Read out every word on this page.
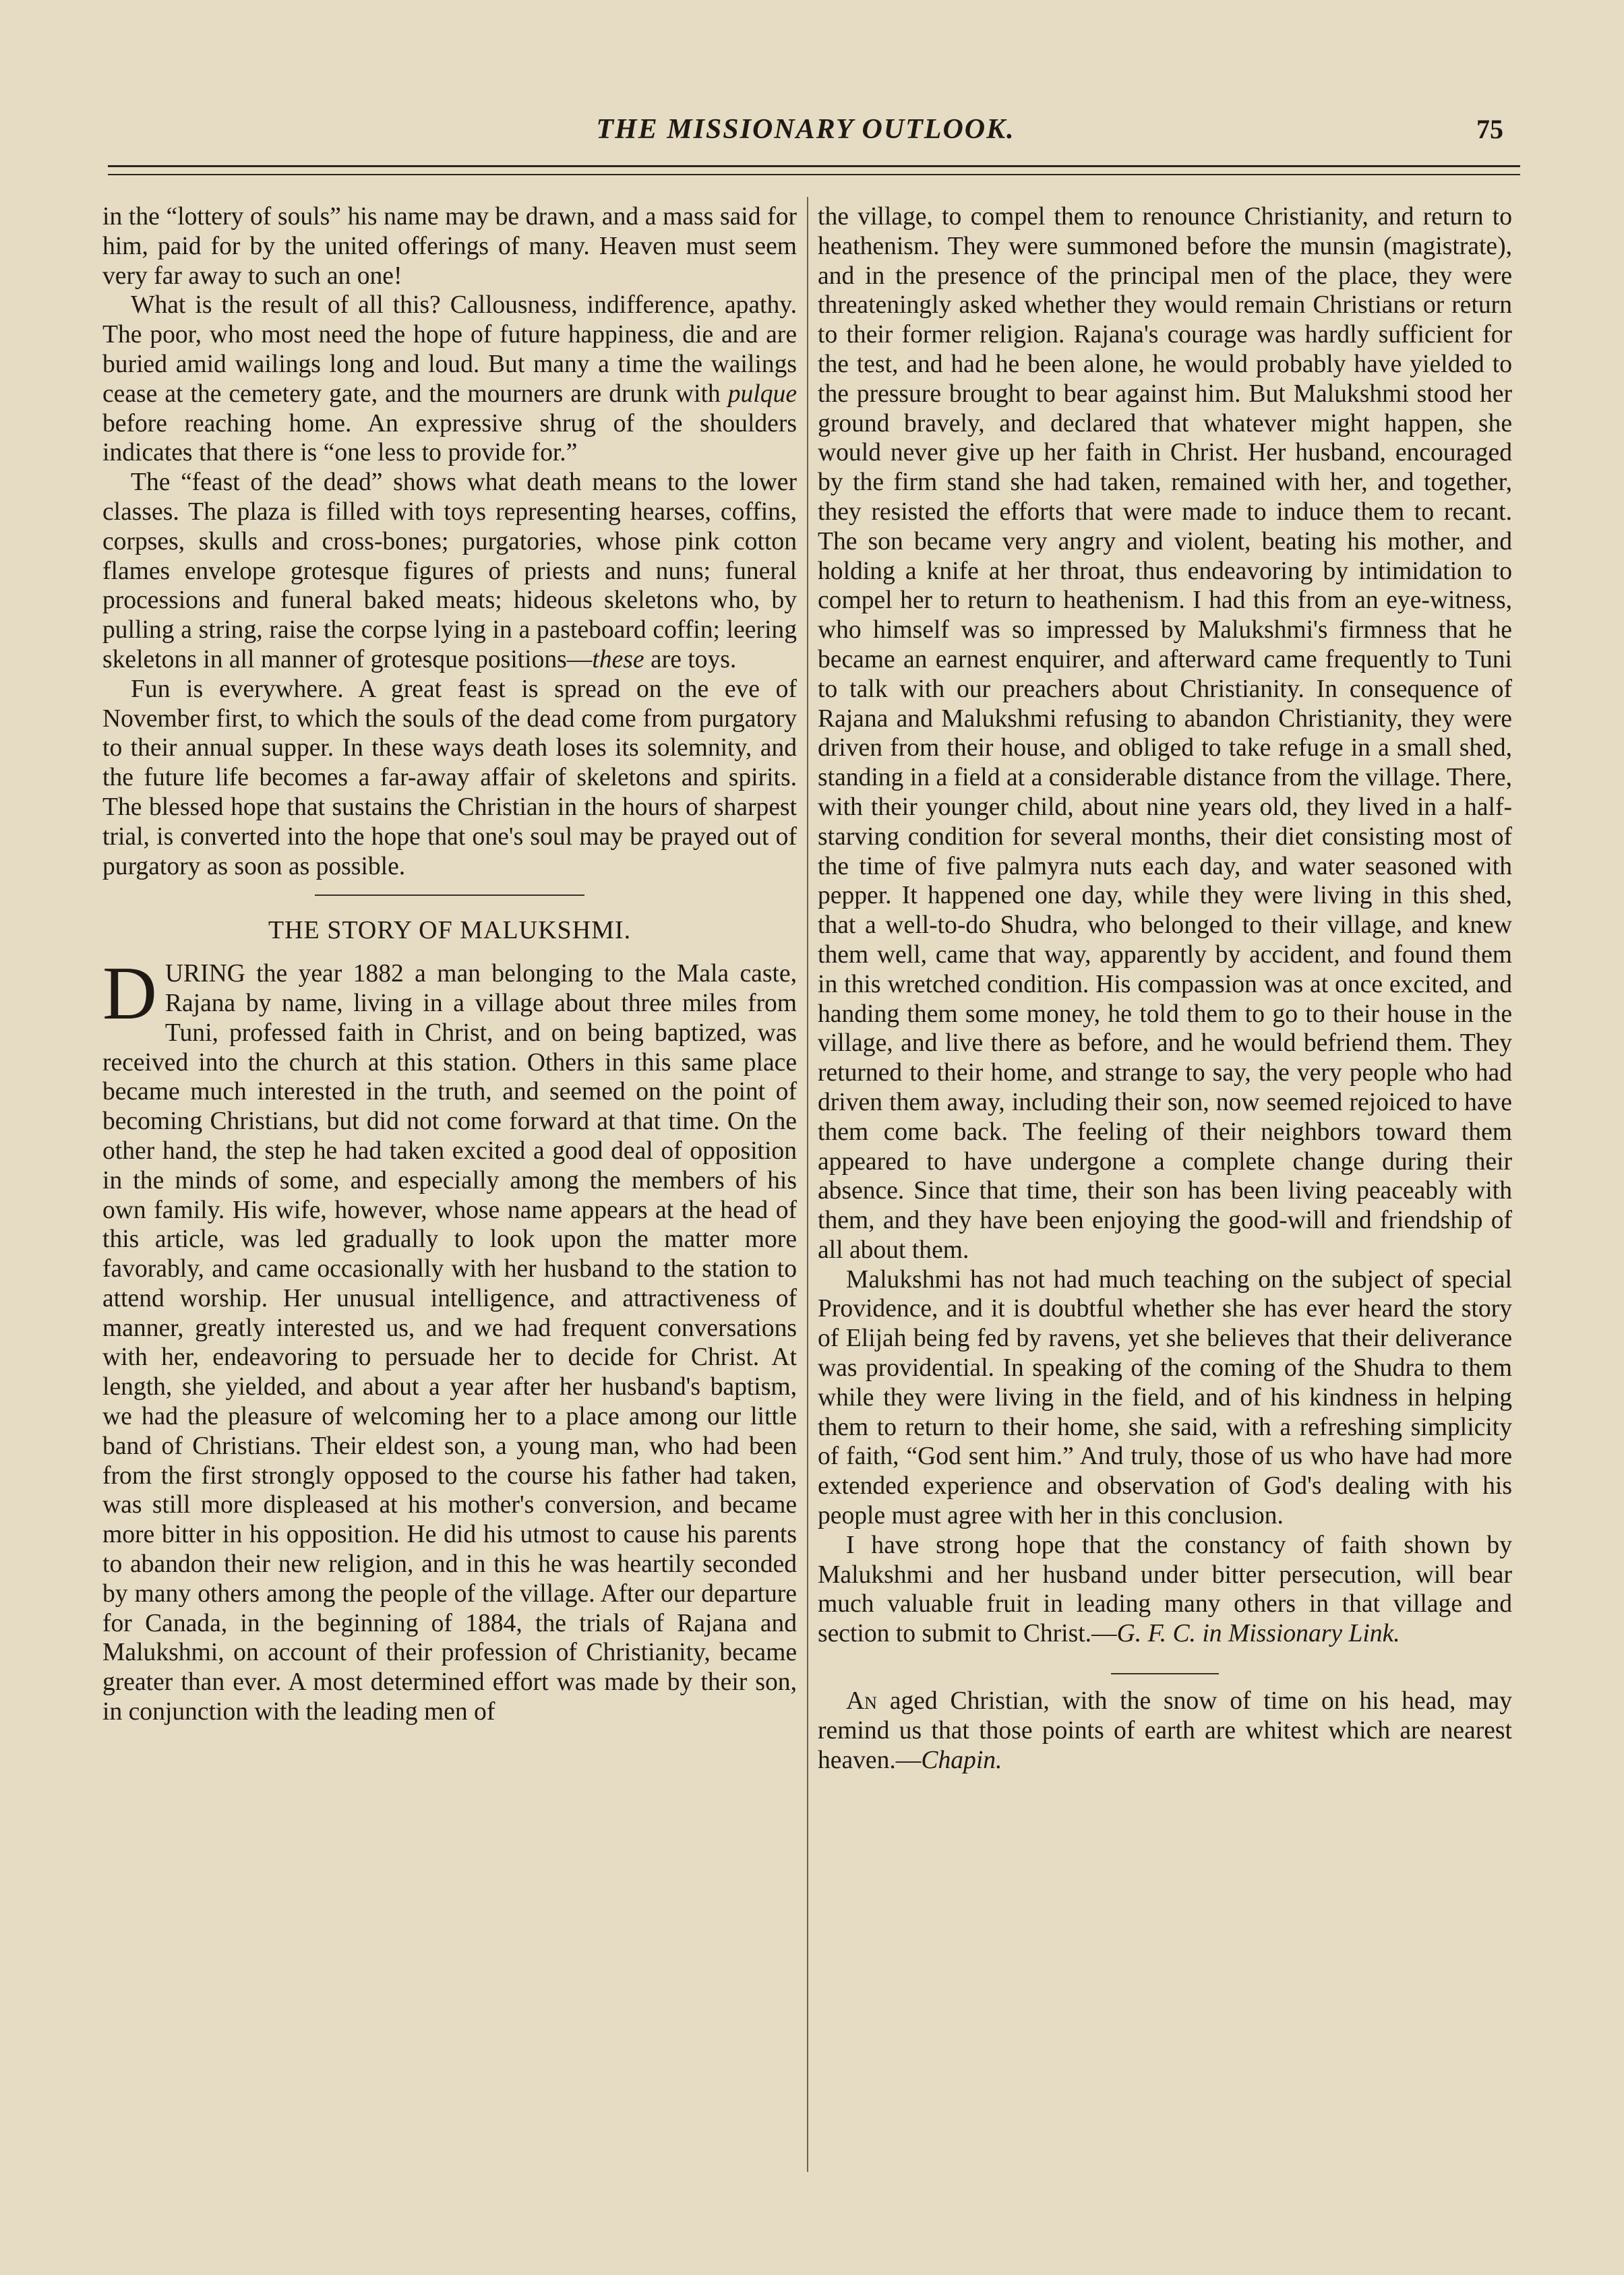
THE MISSIONARY OUTLOOK.	75

in the “lottery of souls” his name may be drawn, and a mass said for him, paid for by the united offerings of many. Heaven must seem very far away to such an one!

What is the result of all this? Callousness, indifference, apathy. The poor, who most need the hope of future happiness, die and are buried amid wailings long and loud. But many a time the wailings cease at the cemetery gate, and the mourners are drunk with pulque before reaching home. An expressive shrug of the shoulders indicates that there is “one less to provide for.”

The “feast of the dead” shows what death means to the lower classes. The plaza is filled with toys representing hearses, coffins, corpses, skulls and cross-bones; purgatories, whose pink cotton flames envelope grotesque figures of priests and nuns; funeral processions and funeral baked meats; hideous skeletons who, by pulling a string, raise the corpse lying in a pasteboard coffin; leering skeletons in all manner of grotesque positions—these are toys.

Fun is everywhere. A great feast is spread on the eve of November first, to which the souls of the dead come from purgatory to their annual supper. In these ways death loses its solemnity, and the future life becomes a far-away affair of skeletons and spirits. The blessed hope that sustains the Christian in the hours of sharpest trial, is converted into the hope that one's soul may be prayed out of purgatory as soon as possible.

THE STORY OF MALUKSHMI.

DURING the year 1882 a man belonging to the Mala caste, Rajana by name, living in a village about three miles from Tuni, professed faith in Christ, and on being baptized, was received into the church at this station. Others in this same place became much interested in the truth, and seemed on the point of becoming Christians, but did not come forward at that time. On the other hand, the step he had taken excited a good deal of opposition in the minds of some, and especially among the members of his own family. His wife, however, whose name appears at the head of this article, was led gradually to look upon the matter more favorably, and came occasionally with her husband to the station to attend worship. Her unusual intelligence, and attractiveness of manner, greatly interested us, and we had frequent conversations with her, endeavoring to persuade her to decide for Christ. At length, she yielded, and about a year after her husband's baptism, we had the pleasure of welcoming her to a place among our little band of Christians. Their eldest son, a young man, who had been from the first strongly opposed to the course his father had taken, was still more displeased at his mother's conversion, and became more bitter in his opposition. He did his utmost to cause his parents to abandon their new religion, and in this he was heartily seconded by many others among the people of the village. After our departure for Canada, in the beginning of 1884, the trials of Rajana and Malukshmi, on account of their profession of Christianity, became greater than ever. A most determined effort was made by their son, in conjunction with the leading men of

the village, to compel them to renounce Christianity, and return to heathenism. They were summoned before the munsin (magistrate), and in the presence of the principal men of the place, they were threateningly asked whether they would remain Christians or return to their former religion. Rajana's courage was hardly sufficient for the test, and had he been alone, he would probably have yielded to the pressure brought to bear against him. But Malukshmi stood her ground bravely, and declared that whatever might happen, she would never give up her faith in Christ. Her husband, encouraged by the firm stand she had taken, remained with her, and together, they resisted the efforts that were made to induce them to recant. The son became very angry and violent, beating his mother, and holding a knife at her throat, thus endeavoring by intimidation to compel her to return to heathenism. I had this from an eye-witness, who himself was so impressed by Malukshmi's firmness that he became an earnest enquirer, and afterward came frequently to Tuni to talk with our preachers about Christianity. In consequence of Rajana and Malukshmi refusing to abandon Christianity, they were driven from their house, and obliged to take refuge in a small shed, standing in a field at a considerable distance from the village. There, with their younger child, about nine years old, they lived in a half-starving condition for several months, their diet consisting most of the time of five palmyra nuts each day, and water seasoned with pepper. It happened one day, while they were living in this shed, that a well-to-do Shudra, who belonged to their village, and knew them well, came that way, apparently by accident, and found them in this wretched condition. His compassion was at once excited, and handing them some money, he told them to go to their house in the village, and live there as before, and he would befriend them. They returned to their home, and strange to say, the very people who had driven them away, including their son, now seemed rejoiced to have them come back. The feeling of their neighbors toward them appeared to have undergone a complete change during their absence. Since that time, their son has been living peaceably with them, and they have been enjoying the good-will and friendship of all about them.

Malukshmi has not had much teaching on the subject of special Providence, and it is doubtful whether she has ever heard the story of Elijah being fed by ravens, yet she believes that their deliverance was providential. In speaking of the coming of the Shudra to them while they were living in the field, and of his kindness in helping them to return to their home, she said, with a refreshing simplicity of faith, “God sent him.” And truly, those of us who have had more extended experience and observation of God's dealing with his people must agree with her in this conclusion.

I have strong hope that the constancy of faith shown by Malukshmi and her husband under bitter persecution, will bear much valuable fruit in leading many others in that village and section to submit to Christ.—G. F. C. in Missionary Link.

An aged Christian, with the snow of time on his head, may remind us that those points of earth are whitest which are nearest heaven.—Chapin.
